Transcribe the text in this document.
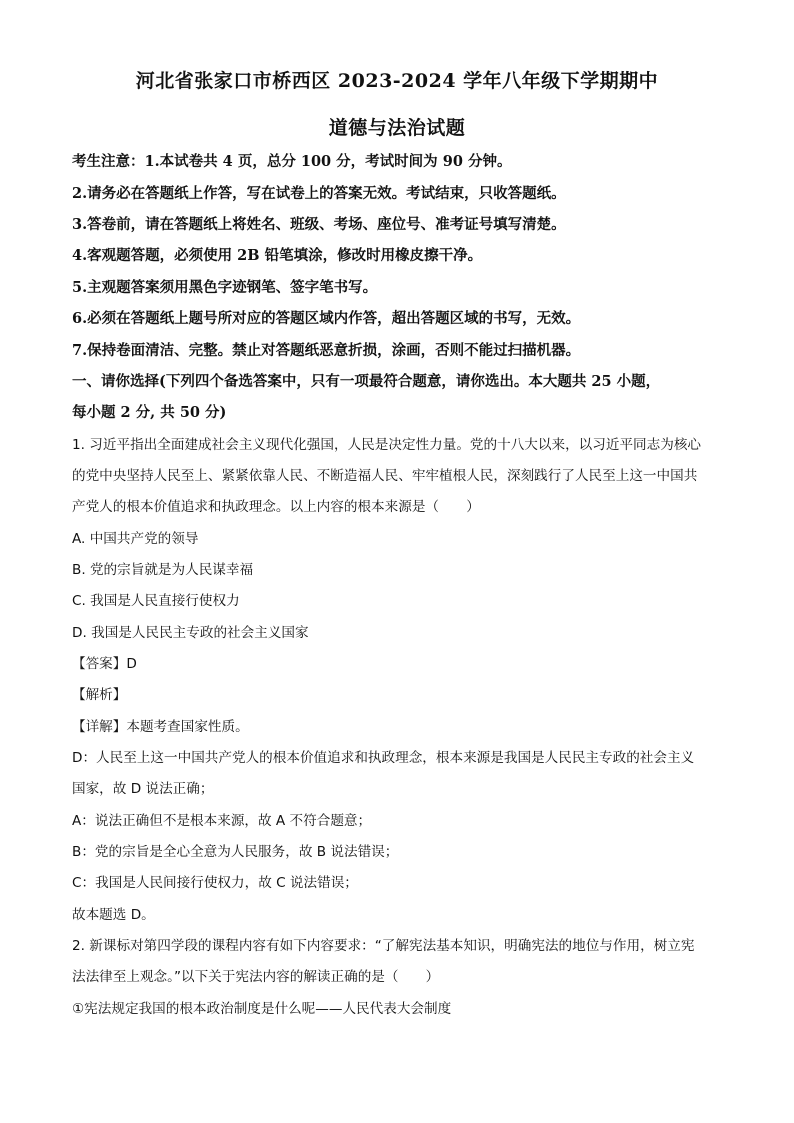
河北省张家口市桥西区 2023-2024 学年八年级下学期期中
道德与法治试题
考生注意：1.本试卷共 4 页，总分 100 分，考试时间为 90 分钟。
2.请务必在答题纸上作答，写在试卷上的答案无效。考试结束，只收答题纸。
3.答卷前，请在答题纸上将姓名、班级、考场、座位号、准考证号填写清楚。
4.客观题答题，必须使用 2B 铅笔填涂，修改时用橡皮擦干净。
5.主观题答案须用黑色字迹钢笔、签字笔书写。
6.必须在答题纸上题号所对应的答题区域内作答，超出答题区域的书写，无效。
7.保持卷面清洁、完整。禁止对答题纸恶意折损，涂画，否则不能过扫描机器。
一、请你选择(下列四个备选答案中，只有一项最符合题意，请你选出。本大题共 25 小题，
每小题 2 分, 共 50 分)
1. 习近平指出全面建成社会主义现代化强国，人民是决定性力量。党的十八大以来，以习近平同志为核心
的党中央坚持人民至上、紧紧依靠人民、不断造福人民、牢牢植根人民，深刻践行了人民至上这一中国共
产党人的根本价值追求和执政理念。以上内容的根本来源是（　　）
A. 中国共产党的领导
B. 党的宗旨就是为人民谋幸福
C. 我国是人民直接行使权力
D. 我国是人民民主专政的社会主义国家
【答案】D
【解析】
【详解】本题考查国家性质。
D：人民至上这一中国共产党人的根本价值追求和执政理念，根本来源是我国是人民民主专政的社会主义
国家，故 D 说法正确；
A：说法正确但不是根本来源，故 A 不符合题意；
B：党的宗旨是全心全意为人民服务，故 B 说法错误；
C：我国是人民间接行使权力，故 C 说法错误；
故本题选 D。
2. 新课标对第四学段的课程内容有如下内容要求：“了解宪法基本知识，明确宪法的地位与作用，树立宪
法法律至上观念。”以下关于宪法内容的解读正确的是（　　）
①宪法规定我国的根本政治制度是什么呢——人民代表大会制度
